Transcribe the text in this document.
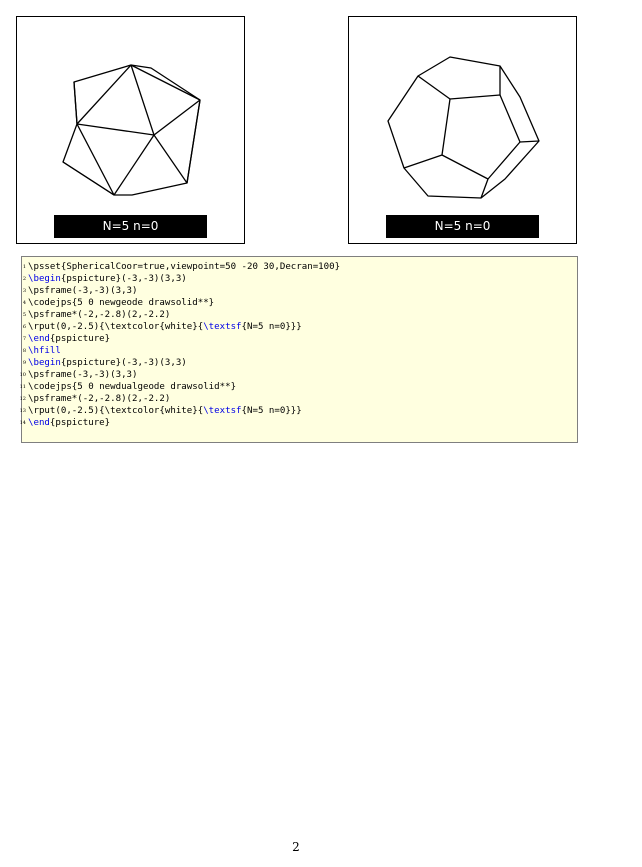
N=5 n=0	N=5 n=0
1 \psset{SphericalCoor=true,viewpoint=50 -20 30,Decran=100}
2 \begin{pspicture}(-3,-3)(3,3)
3 \psframe(-3,-3)(3,3)
4 \codejps{5 0 newgeode drawsolid**}
5 \psframe*(-2,-2.8)(2,-2.2)
6 \rput(0,-2.5){\textcolor{white}{\textsf{N=5 n=0}}}
7 \end{pspicture}
8 \hfill
9 \begin{pspicture}(-3,-3)(3,3)
10 \psframe(-3,-3)(3,3)
11 \codejps{5 0 newdualgeode drawsolid**}
12 \psframe*(-2,-2.8)(2,-2.2)
13 \rput(0,-2.5){\textcolor{white}{\textsf{N=5 n=0}}}
14 \end{pspicture}
2
